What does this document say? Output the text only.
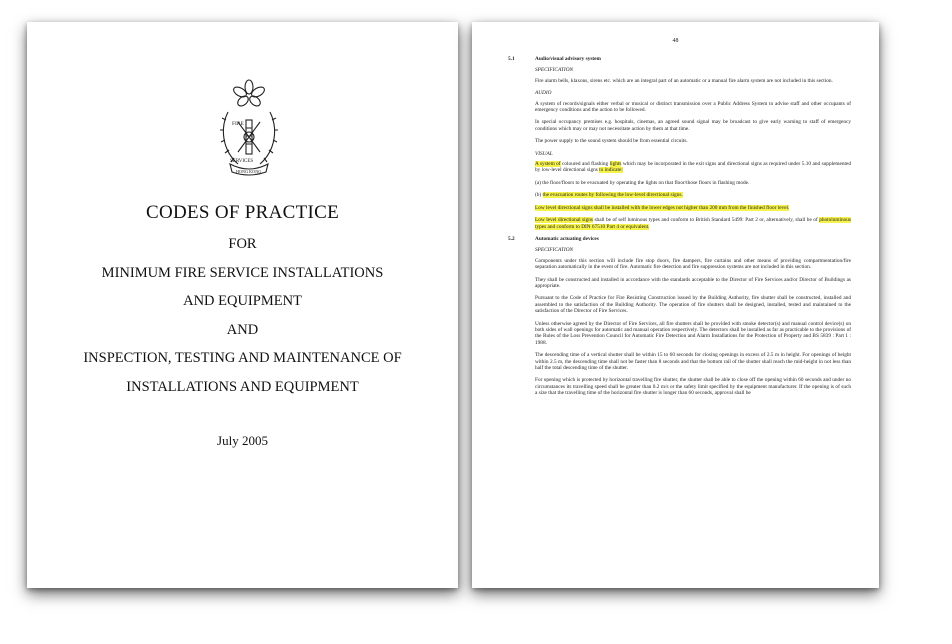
FIRE
SERVICES
HONG KONG
CODES OF PRACTICE
FOR
MINIMUM FIRE SERVICE INSTALLATIONS
AND EQUIPMENT
AND
INSPECTION, TESTING AND MAINTENANCE OF
INSTALLATIONS AND EQUIPMENT
July 2005
48
5.1	Audio/visual advisory system
SPECIFICATION
Fire alarm bells, klaxons, sirens etc. which are an integral part of an automatic or a manual fire alarm system are not included in this section.
AUDIO
A system of records/signals either verbal or musical or distinct transmission over a Public Address System to advise staff and other occupants of emergency conditions and the action to be followed.
In special occupancy premises e.g. hospitals, cinemas, an agreed sound signal may be broadcast to give early warning to staff of emergency conditions which may or may not necessitate action by them at that time.
The power supply to the sound system should be from essential circuits.
VISUAL
A system of coloured and flashing lights which may be incorporated in the exit signs and directional signs as required under 5.10 and supplemented by low-level directional signs to indicate:
(a) the floor/floors to be evacuated by operating the lights on that floor/those floors in flashing mode.
(b) the evacuation routes by following the low-level directional signs.
Low level directional signs shall be installed with the lower edges not higher than 200 mm from the finished floor level.
Low level directional signs shall be of self luminous types and conform to British Standard 5499: Part 2 or, alternatively, shall be of photoluminous types and conform to DIN 67510 Part 4 or equivalent.
5.2	Automatic actuating devices
SPECIFICATION
Components under this section will include fire stop doors, fire dampers, fire curtains and other means of providing compartmentation/fire separation automatically in the event of fire. Automatic fire detection and fire suppression systems are not included in this section.
They shall be constructed and installed in accordance with the standards acceptable to the Director of Fire Services and/or Director of Buildings as appropriate.
Pursuant to the Code of Practice for Fire Resisting Construction issued by the Building Authority, fire shutter shall be constructed, installed and assembled to the satisfaction of the Building Authority. The operation of fire shutters shall be designed, installed, tested and maintained to the satisfaction of the Director of Fire Services.
Unless otherwise agreed by the Director of Fire Services, all fire shutters shall be provided with smoke detector(s) and manual control device(s) on both sides of wall openings for automatic and manual operation respectively. The detectors shall be installed as far as practicable to the provisions of the Rules of the Loss Prevention Council for Automatic Fire Detection and Alarm Installations for the Protection of Property and BS 5839 : Part 1 : 1988.
The descending time of a vertical shutter shall be within 15 to 60 seconds for closing openings in excess of 2.5 m in height. For openings of height within 2.5 m, the descending time shall not be faster than 8 seconds and that the bottom rail of the shutter shall reach the mid-height in not less than half the total descending time of the shutter.
For opening which is protected by horizontal travelling fire shutter, the shutter shall be able to close off the opening within 60 seconds and under no circumstances its travelling speed shall be greater than 0.2 m/s or the safety limit specified by the equipment manufacturer. If the opening is of such a size that the travelling time of the horizontal fire shutter is longer than 60 seconds, approval shall be
